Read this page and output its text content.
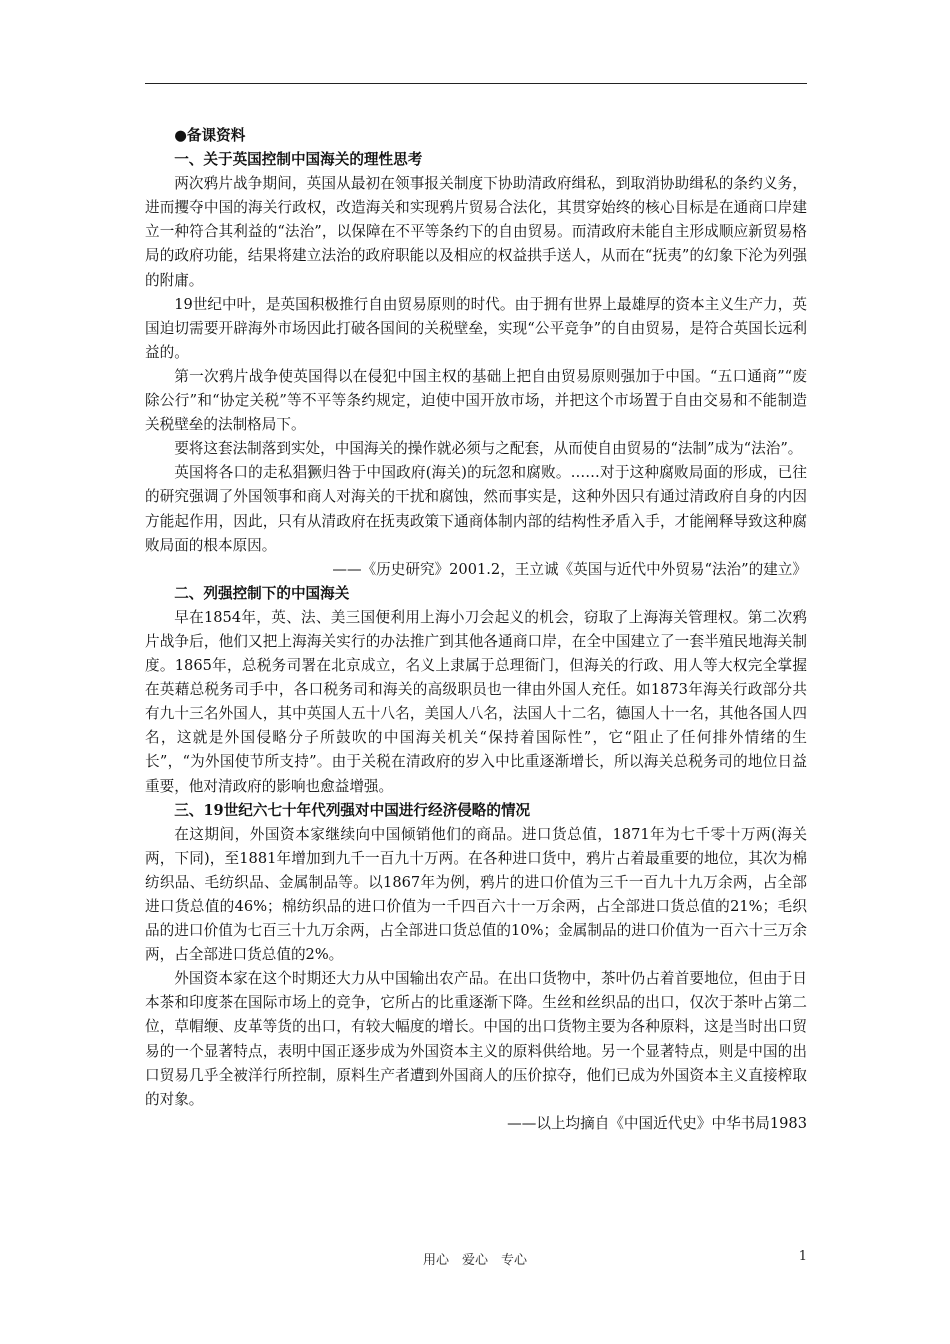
●备课资料

一、关于英国控制中国海关的理性思考

两次鸦片战争期间，英国从最初在领事报关制度下协助清政府缉私，到取消协助缉私的条约义务，进而攫夺中国的海关行政权，改造海关和实现鸦片贸易合法化，其贯穿始终的核心目标是在通商口岸建立一种符合其利益的“法治”，以保障在不平等条约下的自由贸易。而清政府未能自主形成顺应新贸易格局的政府功能，结果将建立法治的政府职能以及相应的权益拱手送人，从而在“抚夷”的幻象下沦为列强的附庸。

19世纪中叶，是英国积极推行自由贸易原则的时代。由于拥有世界上最雄厚的资本主义生产力，英国迫切需要开辟海外市场因此打破各国间的关税壁垒，实现“公平竞争”的自由贸易，是符合英国长远利益的。

第一次鸦片战争使英国得以在侵犯中国主权的基础上把自由贸易原则强加于中国。“五口通商”“废除公行”和“协定关税”等不平等条约规定，迫使中国开放市场，并把这个市场置于自由交易和不能制造关税壁垒的法制格局下。

要将这套法制落到实处，中国海关的操作就必须与之配套，从而使自由贸易的“法制”成为“法治”。

英国将各口的走私猖獗归咎于中国政府(海关)的玩忽和腐败。……对于这种腐败局面的形成，已往的研究强调了外国领事和商人对海关的干扰和腐蚀，然而事实是，这种外因只有通过清政府自身的内因方能起作用，因此，只有从清政府在抚夷政策下通商体制内部的结构性矛盾入手，才能阐释导致这种腐败局面的根本原因。

——《历史研究》2001.2，王立诚《英国与近代中外贸易“法治”的建立》

二、列强控制下的中国海关

早在1854年，英、法、美三国便利用上海小刀会起义的机会，窃取了上海海关管理权。第二次鸦片战争后，他们又把上海海关实行的办法推广到其他各通商口岸，在全中国建立了一套半殖民地海关制度。1865年，总税务司署在北京成立，名义上隶属于总理衙门，但海关的行政、用人等大权完全掌握在英藉总税务司手中，各口税务司和海关的高级职员也一律由外国人充任。如1873年海关行政部分共有九十三名外国人，其中英国人五十八名，美国人八名，法国人十二名，德国人十一名，其他各国人四名，这就是外国侵略分子所鼓吹的中国海关机关“保持着国际性”，它“阻止了任何排外情绪的生长”，“为外国使节所支持”。由于关税在清政府的岁入中比重逐渐增长，所以海关总税务司的地位日益重要，他对清政府的影响也愈益增强。

三、19世纪六七十年代列强对中国进行经济侵略的情况

在这期间，外国资本家继续向中国倾销他们的商品。进口货总值，1871年为七千零十万两(海关两，下同)，至1881年增加到九千一百九十万两。在各种进口货中，鸦片占着最重要的地位，其次为棉纺织品、毛纺织品、金属制品等。以1867年为例，鸦片的进口价值为三千一百九十九万余两，占全部进口货总值的46%；棉纺织品的进口价值为一千四百六十一万余两，占全部进口货总值的21%；毛织品的进口价值为七百三十九万余两，占全部进口货总值的10%；金属制品的进口价值为一百六十三万余两，占全部进口货总值的2%。

外国资本家在这个时期还大力从中国输出农产品。在出口货物中，茶叶仍占着首要地位，但由于日本茶和印度茶在国际市场上的竞争，它所占的比重逐渐下降。生丝和丝织品的出口，仅次于茶叶占第二位，草帽缏、皮革等货的出口，有较大幅度的增长。中国的出口货物主要为各种原料，这是当时出口贸易的一个显著特点，表明中国正逐步成为外国资本主义的原料供给地。另一个显著特点，则是中国的出口贸易几乎全被洋行所控制，原料生产者遭到外国商人的压价掠夺，他们已成为外国资本主义直接榨取的对象。

——以上均摘自《中国近代史》中华书局1983

用心　爱心　专心	1
